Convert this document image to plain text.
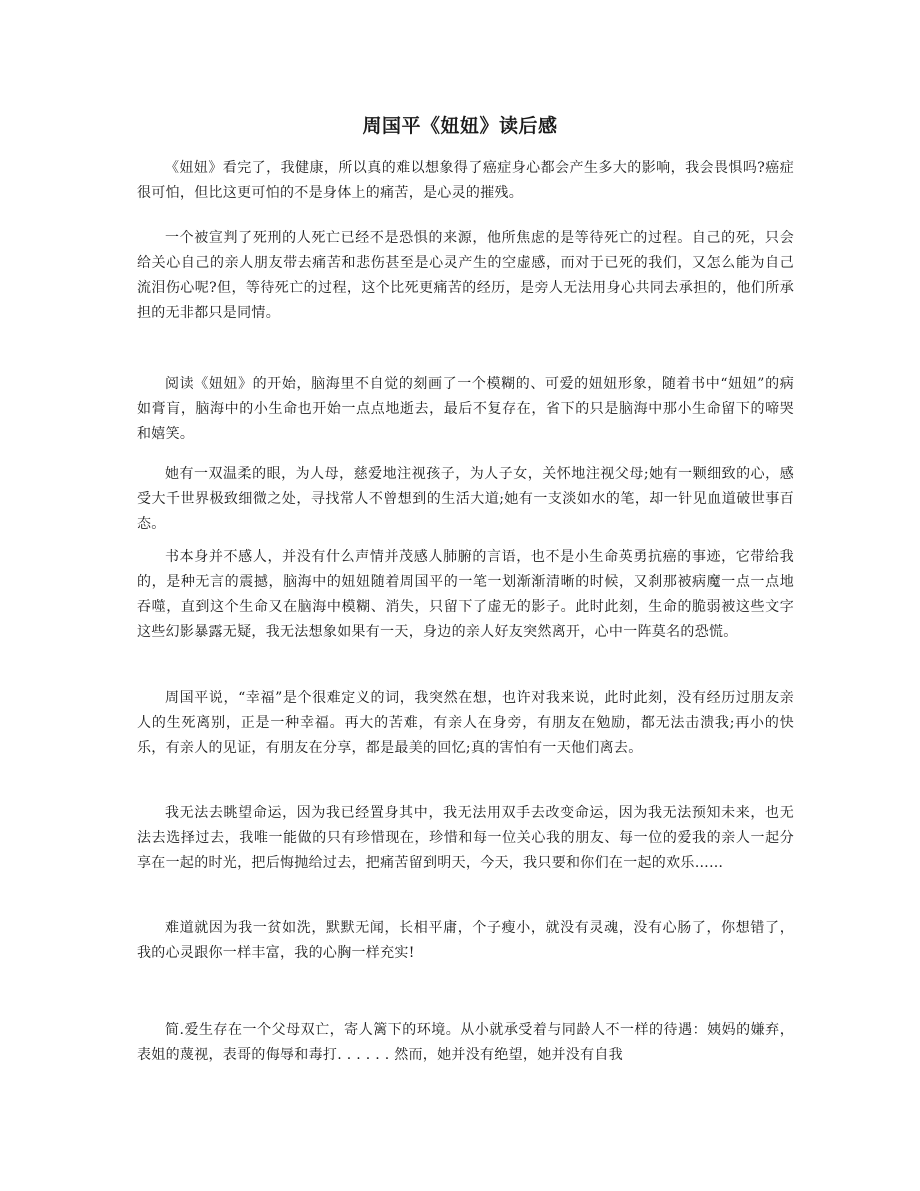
周国平《妞妞》读后感

《妞妞》看完了，我健康，所以真的难以想象得了癌症身心都会产生多大的影响，我会畏惧吗?癌症很可怕，但比这更可怕的不是身体上的痛苦，是心灵的摧残。

一个被宣判了死刑的人死亡已经不是恐惧的来源，他所焦虑的是等待死亡的过程。自己的死，只会给关心自己的亲人朋友带去痛苦和悲伤甚至是心灵产生的空虚感，而对于已死的我们，又怎么能为自己流泪伤心呢?但，等待死亡的过程，这个比死更痛苦的经历，是旁人无法用身心共同去承担的，他们所承担的无非都只是同情。

阅读《妞妞》的开始，脑海里不自觉的刻画了一个模糊的、可爱的妞妞形象，随着书中“妞妞”的病如膏肓，脑海中的小生命也开始一点点地逝去，最后不复存在，省下的只是脑海中那小生命留下的啼哭和嬉笑。

她有一双温柔的眼，为人母，慈爱地注视孩子，为人子女，关怀地注视父母;她有一颗细致的心，感受大千世界极致细微之处，寻找常人不曾想到的生活大道;她有一支淡如水的笔，却一针见血道破世事百态。

书本身并不感人，并没有什么声情并茂感人肺腑的言语，也不是小生命英勇抗癌的事迹，它带给我的，是种无言的震撼，脑海中的妞妞随着周国平的一笔一划渐渐清晰的时候，又刹那被病魔一点一点地吞噬，直到这个生命又在脑海中模糊、消失，只留下了虚无的影子。此时此刻，生命的脆弱被这些文字这些幻影暴露无疑，我无法想象如果有一天，身边的亲人好友突然离开，心中一阵莫名的恐慌。

周国平说，“幸福”是个很难定义的词，我突然在想，也许对我来说，此时此刻，没有经历过朋友亲人的生死离别，正是一种幸福。再大的苦难，有亲人在身旁，有朋友在勉励，都无法击溃我;再小的快乐，有亲人的见证，有朋友在分享，都是最美的回忆;真的害怕有一天他们离去。

我无法去眺望命运，因为我已经置身其中，我无法用双手去改变命运，因为我无法预知未来，也无法去选择过去，我唯一能做的只有珍惜现在，珍惜和每一位关心我的朋友、每一位的爱我的亲人一起分享在一起的时光，把后悔抛给过去，把痛苦留到明天，今天，我只要和你们在一起的欢乐……

难道就因为我一贫如洗，默默无闻，长相平庸，个子瘦小，就没有灵魂，没有心肠了，你想错了，我的心灵跟你一样丰富，我的心胸一样充实!

简.爱生存在一个父母双亡，寄人篱下的环境。从小就承受着与同龄人不一样的待遇：姨妈的嫌弃，表姐的蔑视，表哥的侮辱和毒打. . . . . . 然而，她并没有绝望，她并没有自我
